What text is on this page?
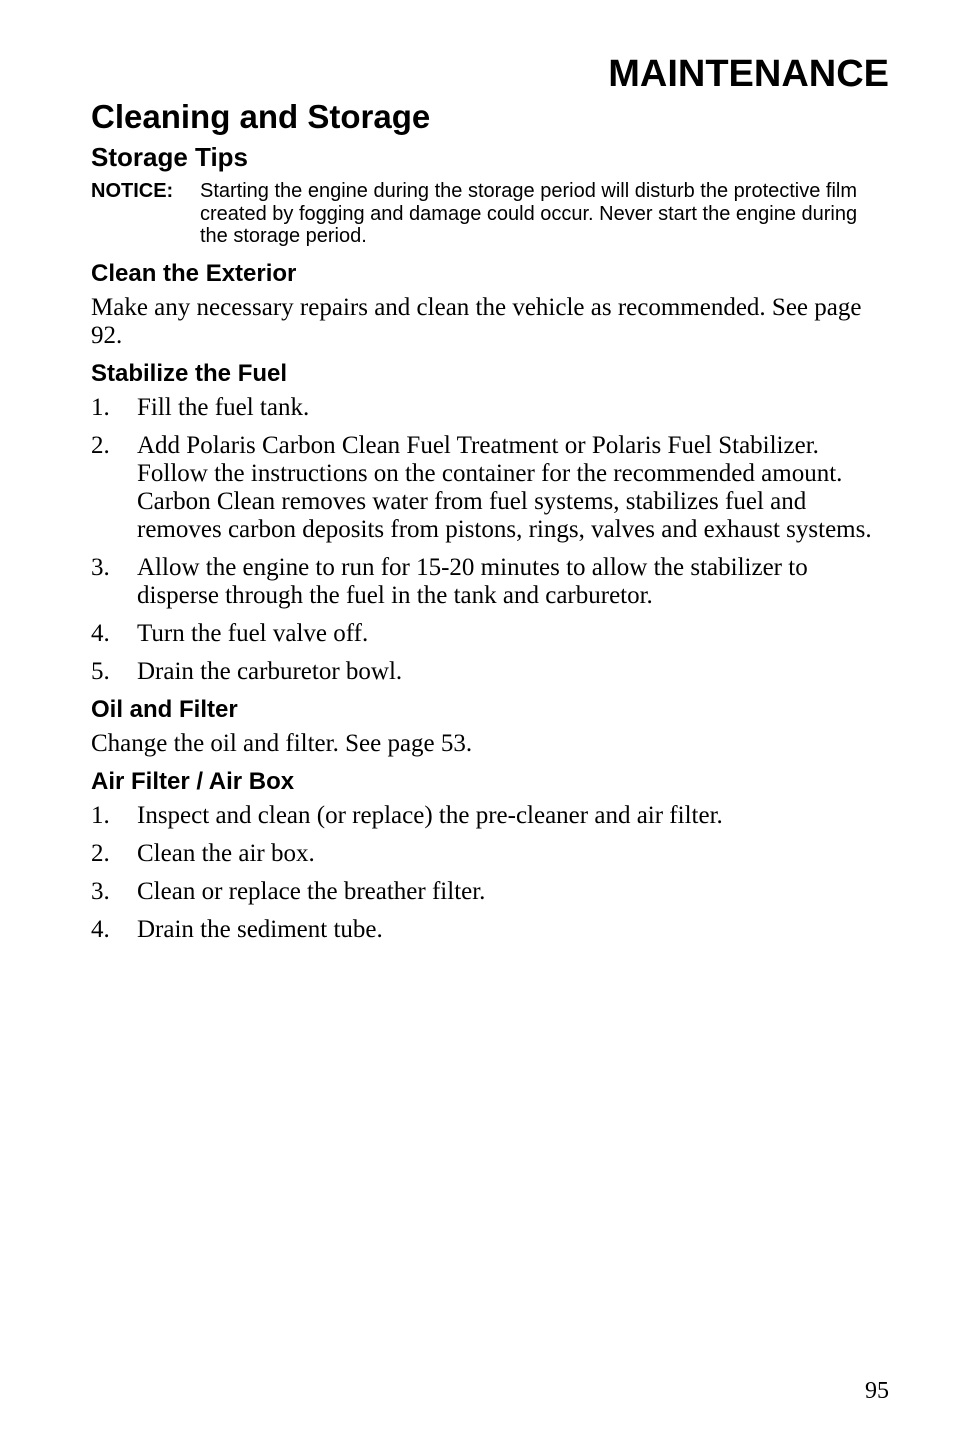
MAINTENANCE
Cleaning and Storage
Storage Tips
NOTICE:	Starting the engine during the storage period will disturb the protective film created by fogging and damage could occur. Never start the engine during the storage period.
Clean the Exterior

Make any necessary repairs and clean the vehicle as recommended. See page 92.

Stabilize the Fuel
1.	Fill the fuel tank.
2.	Add Polaris Carbon Clean Fuel Treatment or Polaris Fuel Stabilizer. Follow the instructions on the container for the recommended amount. Carbon Clean removes water from fuel systems, stabilizes fuel and removes carbon deposits from pistons, rings, valves and exhaust systems.
3.	Allow the engine to run for 15-20 minutes to allow the stabilizer to disperse through the fuel in the tank and carburetor.
4.	Turn the fuel valve off.
5.	Drain the carburetor bowl.
Oil and Filter

Change the oil and filter. See page 53.

Air Filter / Air Box
1.	Inspect and clean (or replace) the pre-cleaner and air filter.
2.	Clean the air box.
3.	Clean or replace the breather filter.
4.	Drain the sediment tube.
95
